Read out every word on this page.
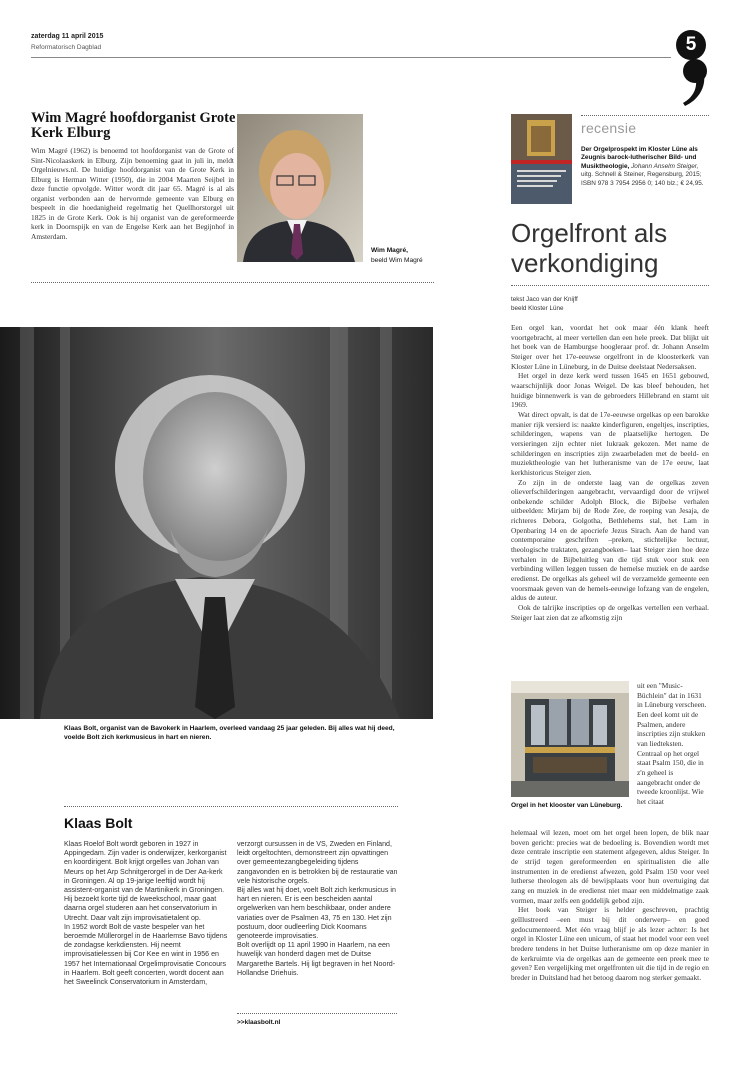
zaterdag 11 april 2015
Reformatorisch Dagblad	5
Wim Magré hoofdorganist Grote Kerk Elburg
Wim Magré (1962) is benoemd tot hoofdorganist van de Grote of Sint-Nicolaaskerk in Elburg. Zijn benoeming gaat in juli in, meldt Orgelnieuws.nl. De huidige hoofdorganist van de Grote Kerk in Elburg is Herman Witter (1950), die in 2004 Maarten Seijbel in deze functie opvolgde. Witter wordt dit jaar 65. Magré is al als organist verbonden aan de hervormde gemeente van Elburg en bespeelt in die hoedanigheid regelmatig het Quellhorstorgel uit 1825 in de Grote Kerk. Ook is hij organist van de gereformeerde kerk in Doornspijk en van de Engelse Kerk aan het Begijnhof in Amsterdam.
Wim Magré,
beeld Wim Magré
Klaas Bolt, organist van de Bavokerk in Haarlem, overleed vandaag 25 jaar geleden. Bij alles wat hij deed, voelde Bolt zich kerkmusicus in hart en nieren.
Klaas Bolt
Klaas Roelof Bolt wordt geboren in 1927 in Appingedam. Zijn vader is onderwijzer, kerkorganist en koordirigent. Bolt krijgt orgelles van Johan van Meurs op het Arp Schnitgerorgel in de Der Aa-kerk in Groningen. Al op 19-jarige leeftijd wordt hij assistent-organist van de Martinikerk in Groningen. Hij bezoekt korte tijd de kweekschool, maar gaat daarna orgel studeren aan het conservatorium in Utrecht. Daar valt zijn improvisatietalent op.
In 1952 wordt Bolt de vaste bespeler van het beroemde Müllerorgel in de Haarlemse Bavo tijdens de zondagse kerkdiensten. Hij neemt improvisatielessen bij Cor Kee en wint in 1956 en 1957 het Internationaal Orgelimprovisatie Concours in Haarlem. Bolt geeft concerten, wordt docent aan het Sweelinck Conservatorium in Amsterdam,
verzorgt cursussen in de VS, Zweden en Finland, leidt orgeltochten, demonstreert zijn opvattingen over gemeentezangbegeleiding tijdens zangavonden en is betrokken bij de restauratie van vele historische orgels.
Bij alles wat hij doet, voelt Bolt zich kerkmusicus in hart en nieren. Er is een bescheiden aantal orgelwerken van hem beschikbaar, onder andere variaties over de Psalmen 43, 75 en 130. Het zijn postuum, door oudleerling Dick Koomans genoteerde improvisaties.
Bolt overlijdt op 11 april 1990 in Haarlem, na een huwelijk van honderd dagen met de Duitse Margarethe Bartels. Hij ligt begraven in het Noord-Hollandse Driehuis.
>>klaasbolt.nl
recensie
Der Orgelprospekt im Kloster Lüne als Zeugnis barock-lutherischer Bild- und Musiktheologie, Johann Anselm Steiger, uitg. Schnell & Steiner, Regensburg, 2015; ISBN 978 3 7954 2956 0; 140 blz.; € 24,95.
Orgelfront als verkondiging
tekst Jaco van der Knijff
beeld Kloster Lüne

Een orgel kan, voordat het ook maar één klank heeft voortgebracht, al meer vertellen dan een hele preek. Dat blijkt uit het boek van de Hamburgse hoogleraar prof. dr. Johann Anselm Steiger over het 17e-eeuwse orgelfront in de kloosterkerk van Kloster Lüne in Lüneburg, in de Duitse deelstaat Nedersaksen.

Het orgel in deze kerk werd tussen 1645 en 1651 gebouwd, waarschijnlijk door Jonas Weigel. De kas bleef behouden, het huidige binnenwerk is van de gebroeders Hillebrand en stamt uit 1969.

Wat direct opvalt, is dat de 17e-eeuwse orgelkas op een barokke manier rijk versierd is: naakte kinderfiguren, engeltjes, inscripties, schilderingen, wapens van de plaatselijke hertogen. De versieringen zijn echter niet lukraak gekozen. Met name de schilderingen en inscripties zijn zwaarbeladen met de beeld- en muziektheologie van het lutheranisme van de 17e eeuw, laat kerkhistoricus Steiger zien.

Zo zijn in de onderste laag van de orgelkas zeven olieverfschilderingen aangebracht, vervaardigd door de vrijwel onbekende schilder Adolph Block, die Bijbelse verhalen uitbeelden: Mirjam bij de Rode Zee, de roeping van Jesaja, de richteres Debora, Golgotha, Bethlehems stal, het Lam in Openbaring 14 en de apocriefe Jezus Sirach. Aan de hand van contemporaine geschriften –preken, stichtelijke lectuur, theologische traktaten, gezangboeken– laat Steiger zien hoe deze verhalen in de Bijbeluitleg van die tijd stuk voor stuk een verbinding willen leggen tussen de hemelse muziek en de aardse eredienst. De orgelkas als geheel wil de verzamelde gemeente een voorsmaak geven van de hemels-eeuwige lofzang van de engelen, aldus de auteur.

Ook de talrijke inscripties op de orgelkas vertellen een verhaal. Steiger laat zien dat ze afkomstig zijn

Orgel in het klooster van Lüneburg.
uit een "Music-Büchlein" dat in 1631 in Lüneburg verscheen. Een deel komt uit de Psalmen, andere inscripties zijn stukken van liedteksten. Centraal op het orgel staat Psalm 150, die in z'n geheel is aangebracht onder de tweede kroonlijst. Wie het citaat

helemaal wil lezen, moet om het orgel heen lopen, de blik naar boven gericht: precies wat de bedoeling is. Bovendien wordt met deze centrale inscriptie een statement afgegeven, aldus Steiger. In de strijd tegen gereformeerden en spiritualisten die alle instrumenten in de eredienst afwezen, gold Psalm 150 voor veel lutherse theologen als dé bewijsplaats voor hun overtuiging dat zang en muziek in de eredienst niet maar een middelmatige zaak vormen, maar zelfs een goddelijk gebod zijn.

Het boek van Steiger is helder geschreven, prachtig geïllustreerd –een must bij dit onderwerp– en goed gedocumenteerd. Met één vraag blijf je als lezer achter: Is het orgel in Kloster Lüne een unicum, of staat het model voor een veel bredere tendens in het Duitse lutheranisme om op deze manier in de kerkruimte via de orgelkas aan de gemeente een preek mee te geven? Een vergelijking met orgelfronten uit die tijd in de regio en breder in Duitsland had het betoog daarom nog sterker gemaakt.
